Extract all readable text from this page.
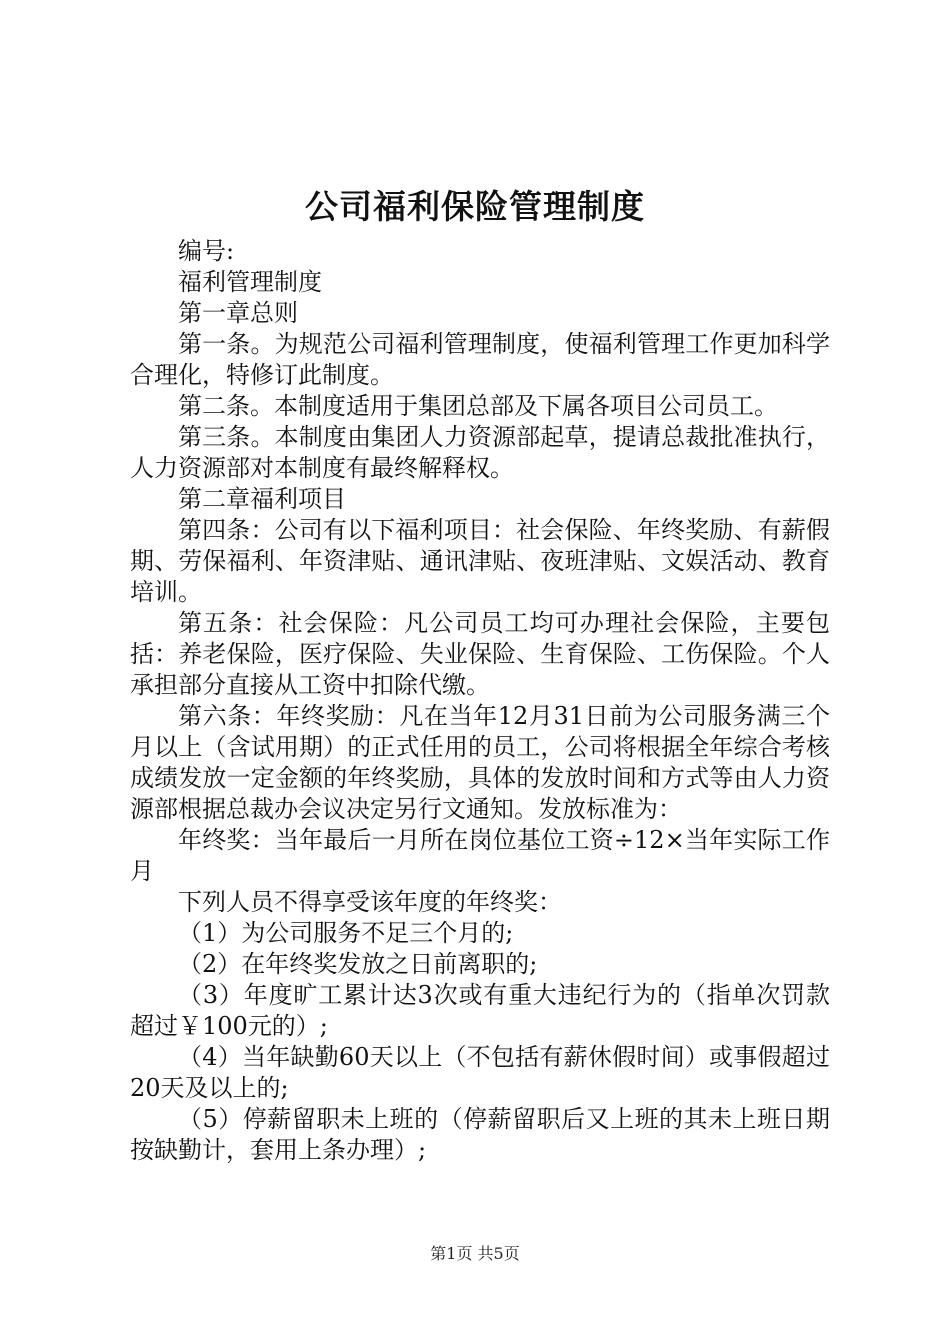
公司福利保险管理制度

编号:

福利管理制度

第一章总则

第一条。为规范公司福利管理制度，使福利管理工作更加科学合理化，特修订此制度。

第二条。本制度适用于集团总部及下属各项目公司员工。

第三条。本制度由集团人力资源部起草，提请总裁批准执行，人力资源部对本制度有最终解释权。

第二章福利项目

第四条：公司有以下福利项目：社会保险、年终奖励、有薪假期、劳保福利、年资津贴、通讯津贴、夜班津贴、文娱活动、教育培训。

第五条：社会保险：凡公司员工均可办理社会保险，主要包括：养老保险，医疗保险、失业保险、生育保险、工伤保险。个人承担部分直接从工资中扣除代缴。

第六条：年终奖励：凡在当年12月31日前为公司服务满三个月以上（含试用期）的正式任用的员工，公司将根据全年综合考核成绩发放一定金额的年终奖励，具体的发放时间和方式等由人力资源部根据总裁办会议决定另行文通知。发放标准为：

年终奖：当年最后一月所在岗位基位工资÷12×当年实际工作月

下列人员不得享受该年度的年终奖：

（1）为公司服务不足三个月的;

（2）在年终奖发放之日前离职的;

（3）年度旷工累计达3次或有重大违纪行为的（指单次罚款超过￥100元的）;

（4）当年缺勤60天以上（不包括有薪休假时间）或事假超过20天及以上的;

（5）停薪留职未上班的（停薪留职后又上班的其未上班日期按缺勤计，套用上条办理）;

第1页 共5页
